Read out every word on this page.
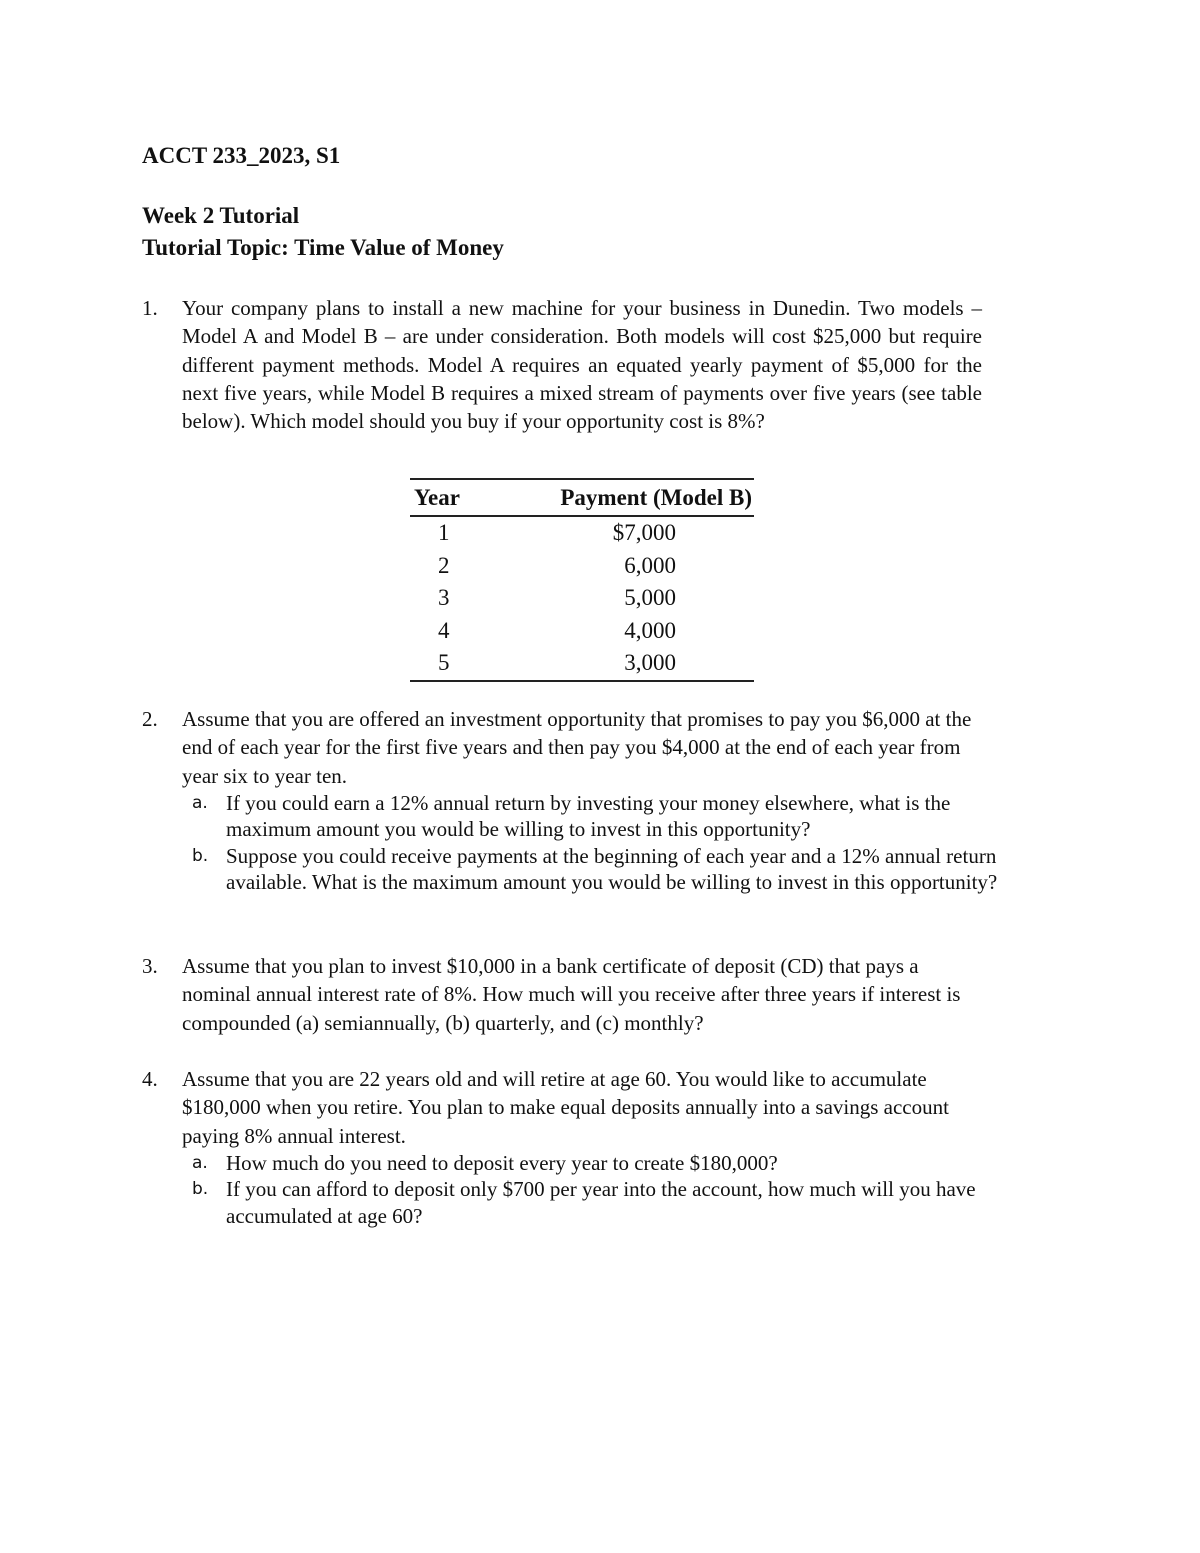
ACCT 233_2023, S1
Week 2 Tutorial
Tutorial Topic: Time Value of Money
1.	Your company plans to install a new machine for your business in Dunedin. Two models – Model A and Model B – are under consideration. Both models will cost $25,000 but require different payment methods. Model A requires an equated yearly payment of $5,000 for the next five years, while Model B requires a mixed stream of payments over five years (see table below). Which model should you buy if your opportunity cost is 8%?
Year	Payment (Model B)
1	$7,000
2	6,000
3	5,000
4	4,000
5	3,000
2.	Assume that you are offered an investment opportunity that promises to pay you $6,000 at the end of each year for the first five years and then pay you $4,000 at the end of each year from year six to year ten.
a. If you could earn a 12% annual return by investing your money elsewhere, what is the maximum amount you would be willing to invest in this opportunity?
b. Suppose you could receive payments at the beginning of each year and a 12% annual return available. What is the maximum amount you would be willing to invest in this opportunity?
3.	Assume that you plan to invest $10,000 in a bank certificate of deposit (CD) that pays a nominal annual interest rate of 8%. How much will you receive after three years if interest is compounded (a) semiannually, (b) quarterly, and (c) monthly?
4.	Assume that you are 22 years old and will retire at age 60. You would like to accumulate $180,000 when you retire. You plan to make equal deposits annually into a savings account paying 8% annual interest.
a. How much do you need to deposit every year to create $180,000?
b. If you can afford to deposit only $700 per year into the account, how much will you have accumulated at age 60?
